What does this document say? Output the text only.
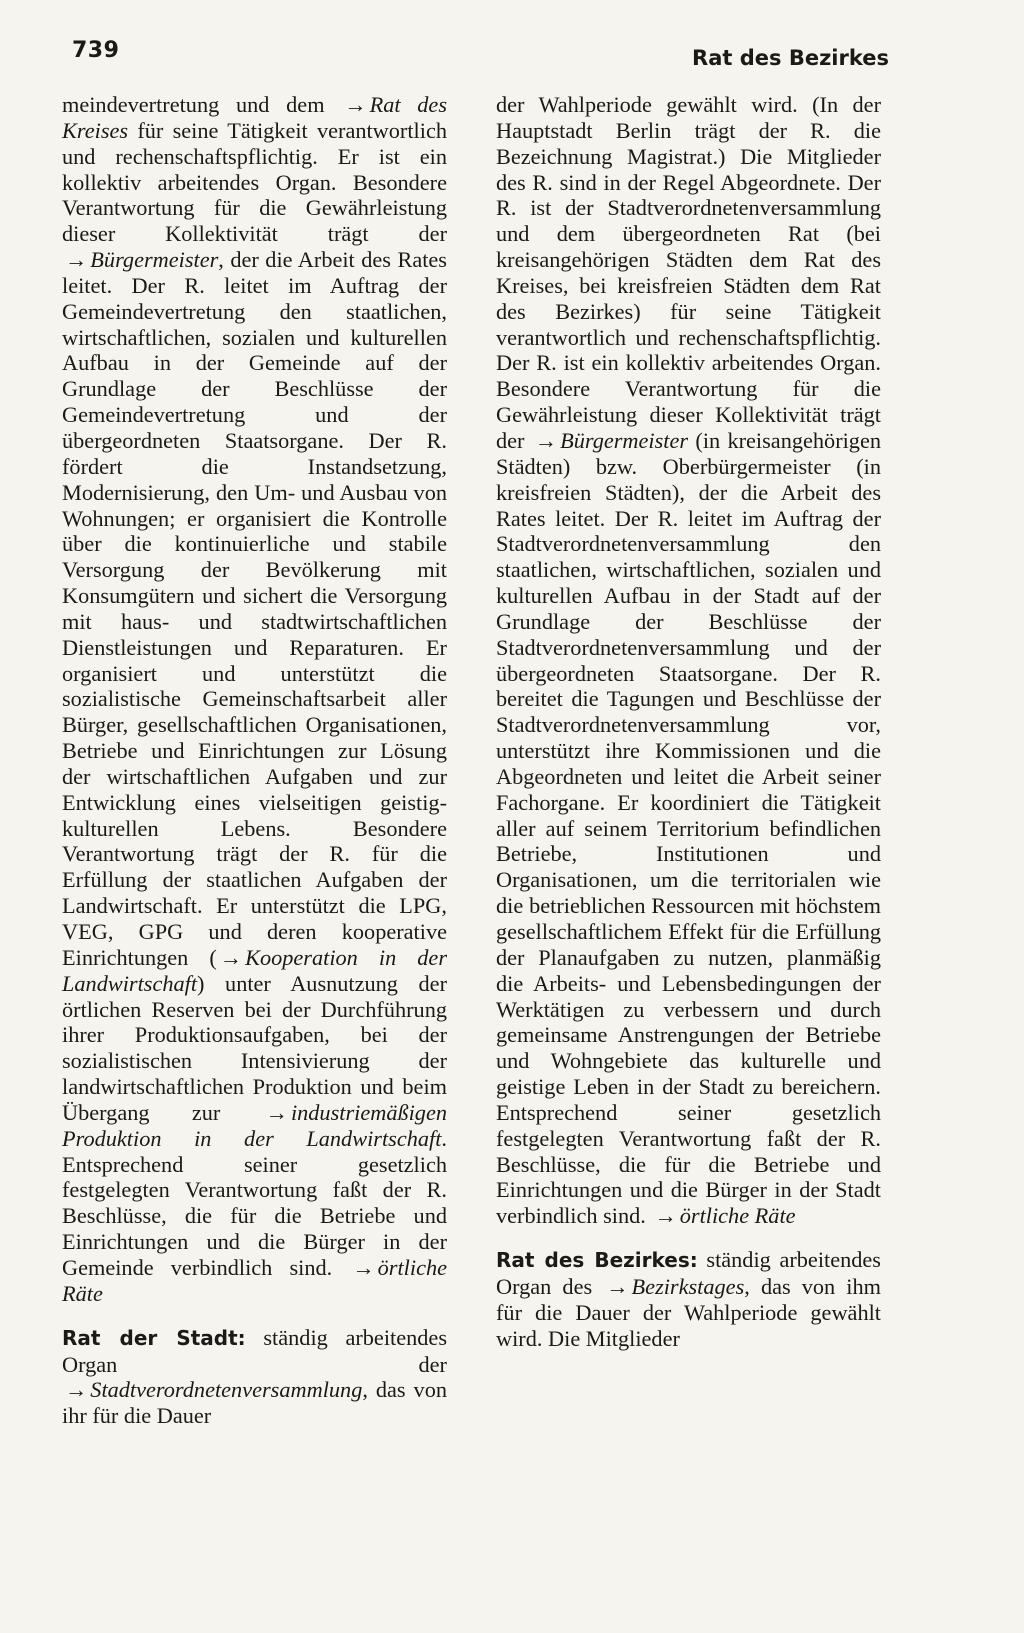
739	Rat des Bezirkes

meindevertretung und dem → Rat des Kreises für seine Tätigkeit verantwortlich und rechenschaftspflichtig. Er ist ein kollektiv arbeitendes Organ. Besondere Verantwortung für die Gewährleistung dieser Kollektivität trägt der → Bürgermeister, der die Arbeit des Rates leitet. Der R. leitet im Auftrag der Gemeindevertretung den staatlichen, wirtschaftlichen, sozialen und kulturellen Aufbau in der Gemeinde auf der Grundlage der Beschlüsse der Gemeindevertretung und der übergeordneten Staatsorgane. Der R. fördert die Instandsetzung, Modernisierung, den Um- und Ausbau von Wohnungen; er organisiert die Kontrolle über die kontinuierliche und stabile Versorgung der Bevölkerung mit Konsumgütern und sichert die Versorgung mit haus- und stadtwirtschaftlichen Dienstleistungen und Reparaturen. Er organisiert und unterstützt die sozialistische Gemeinschaftsarbeit aller Bürger, gesellschaftlichen Organisationen, Betriebe und Einrichtungen zur Lösung der wirtschaftlichen Aufgaben und zur Entwicklung eines vielseitigen geistig-kulturellen Lebens. Besondere Verantwortung trägt der R. für die Erfüllung der staatlichen Aufgaben der Landwirtschaft. Er unterstützt die LPG, VEG, GPG und deren kooperative Einrichtungen ( → Kooperation in der Landwirtschaft) unter Ausnutzung der örtlichen Reserven bei der Durchführung ihrer Produktionsaufgaben, bei der sozialistischen Intensivierung der landwirtschaftlichen Produktion und beim Übergang zur → industriemäßigen Produktion in der Landwirtschaft. Entsprechend seiner gesetzlich festgelegten Verantwortung faßt der R. Beschlüsse, die für die Betriebe und Einrichtungen und die Bürger in der Gemeinde verbindlich sind. → örtliche Räte

Rat der Stadt: ständig arbeitendes Organ der → Stadtverordnetenversammlung, das von ihr für die Dauer

der Wahlperiode gewählt wird. (In der Hauptstadt Berlin trägt der R. die Bezeichnung Magistrat.) Die Mitglieder des R. sind in der Regel Abgeordnete. Der R. ist der Stadtverordnetenversammlung und dem übergeordneten Rat (bei kreisangehörigen Städten dem Rat des Kreises, bei kreisfreien Städten dem Rat des Bezirkes) für seine Tätigkeit verantwortlich und rechenschaftspflichtig. Der R. ist ein kollektiv arbeitendes Organ. Besondere Verantwortung für die Gewährleistung dieser Kollektivität trägt der → Bürgermeister (in kreisangehörigen Städten) bzw. Oberbürgermeister (in kreisfreien Städten), der die Arbeit des Rates leitet. Der R. leitet im Auftrag der Stadtverordnetenversammlung den staatlichen, wirtschaftlichen, sozialen und kulturellen Aufbau in der Stadt auf der Grundlage der Beschlüsse der Stadtverordnetenversammlung und der übergeordneten Staatsorgane. Der R. bereitet die Tagungen und Beschlüsse der Stadtverordnetenversammlung vor, unterstützt ihre Kommissionen und die Abgeordneten und leitet die Arbeit seiner Fachorgane. Er koordiniert die Tätigkeit aller auf seinem Territorium befindlichen Betriebe, Institutionen und Organisationen, um die territorialen wie die betrieblichen Ressourcen mit höchstem gesellschaftlichem Effekt für die Erfüllung der Planaufgaben zu nutzen, planmäßig die Arbeits- und Lebensbedingungen der Werktätigen zu verbessern und durch gemeinsame Anstrengungen der Betriebe und Wohngebiete das kulturelle und geistige Leben in der Stadt zu bereichern. Entsprechend seiner gesetzlich festgelegten Verantwortung faßt der R. Beschlüsse, die für die Betriebe und Einrichtungen und die Bürger in der Stadt verbindlich sind. → örtliche Räte

Rat des Bezirkes: ständig arbeitendes Organ des → Bezirkstages, das von ihm für die Dauer der Wahlperiode gewählt wird. Die Mitglieder
